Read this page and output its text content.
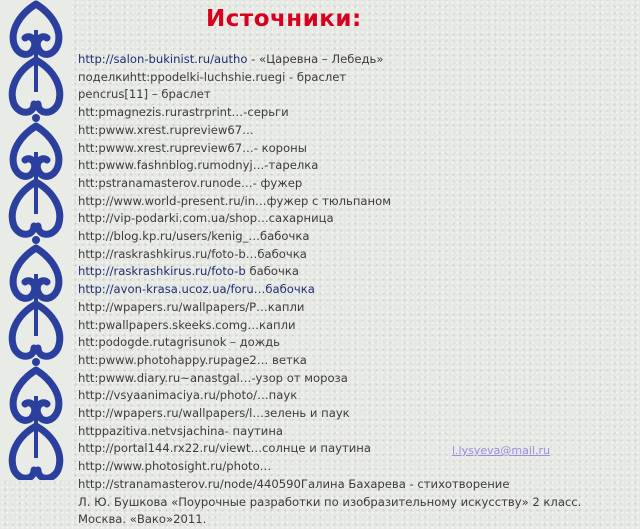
Источники:
http://salon-bukinist.ru/autho - «Царевна – Лебедь»
поделкиhtt:ppodelki-luchshie.ruegi - браслет
pencrus[11] – браслет
htt:pmagnezis.rurastrprint…-серьги
htt:pwww.xrest.rupreview67…
htt:pwww.xrest.rupreview67…- короны
htt:pwww.fashnblog.rumodnyj…-тарелка
htt:pstranamasterov.runode…- фужер
http://www.world-present.ru/in…фужер с тюльпаном
http://vip-podarki.com.ua/shop…сахарница
http://blog.kp.ru/users/kenig_…бабочка
http://raskrashkirus.ru/foto-b…бабочка
http://raskrashkirus.ru/foto-b бабочка
http://avon-krasa.ucoz.ua/foru…бабочка
http://wpapers.ru/wallpapers/P…капли
htt:pwallpapers.skeeks.comg…капли
htt:podogde.rutagrisunok – дождь
htt:pwww.photohappy.rupage2… ветка
htt:pwww.diary.ru~anastgal…-узор от мороза
http://vsyaanimaciya.ru/photo/…паук
http://wpapers.ru/wallpapers/l…зелень и паук
httppazitiva.netvsjachina- паутина
http://portal144.rx22.ru/viewt…солнце и паутина
http://www.photosight.ru/photo…
http://stranamasterov.ru/node/440590Галина Бахарева - стихотворение
Л. Ю. Бушкова «Поурочные разработки по изобразительному искусству» 2 класс. Москва. «Вако»2011.
l.lysyeva@mail.ru
